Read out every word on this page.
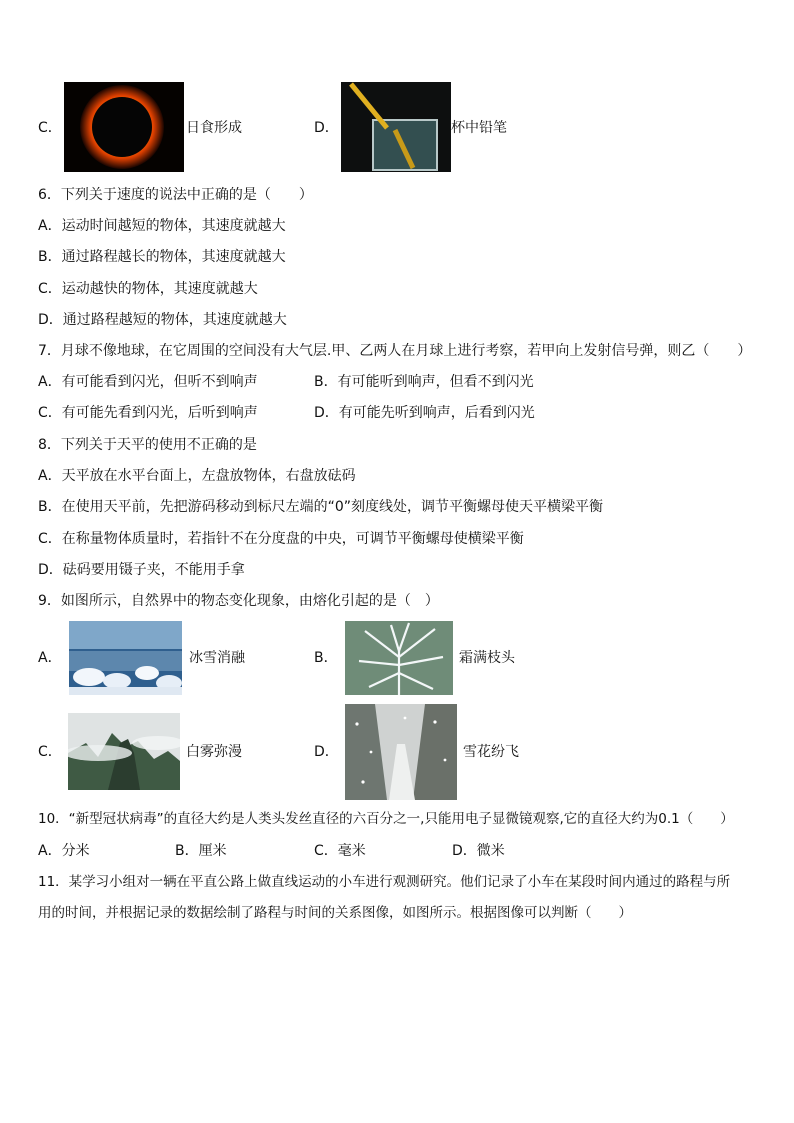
C．	日食形成	D．	杯中铅笔
6．下列关于速度的说法中正确的是（　　）
A．运动时间越短的物体，其速度就越大
B．通过路程越长的物体，其速度就越大
C．运动越快的物体，其速度就越大
D．通过路程越短的物体，其速度就越大
7．月球不像地球，在它周围的空间没有大气层.甲、乙两人在月球上进行考察，若甲向上发射信号弹，则乙（　　）
A．有可能看到闪光，但听不到响声	B．有可能听到响声，但看不到闪光
C．有可能先看到闪光，后听到响声	D．有可能先听到响声，后看到闪光
8．下列关于天平的使用不正确的是
A．天平放在水平台面上，左盘放物体，右盘放砝码
B．在使用天平前，先把游码移动到标尺左端的“0”刻度线处，调节平衡螺母使天平横梁平衡
C．在称量物体质量时，若指针不在分度盘的中央，可调节平衡螺母使横梁平衡
D．砝码要用镊子夹，不能用手拿
9．如图所示，自然界中的物态变化现象，由熔化引起的是（　）
A．	冰雪消融	B．	霜满枝头
C．	白雾弥漫	D．	雪花纷飞
10．“新型冠状病毒”的直径大约是人类头发丝直径的六百分之一,只能用电子显微镜观察,它的直径大约为0.1（　　）
A．分米	B．厘米	C．毫米	D．微米
11．某学习小组对一辆在平直公路上做直线运动的小车进行观测研究。他们记录了小车在某段时间内通过的路程与所
用的时间，并根据记录的数据绘制了路程与时间的关系图像，如图所示。根据图像可以判断（　　）
